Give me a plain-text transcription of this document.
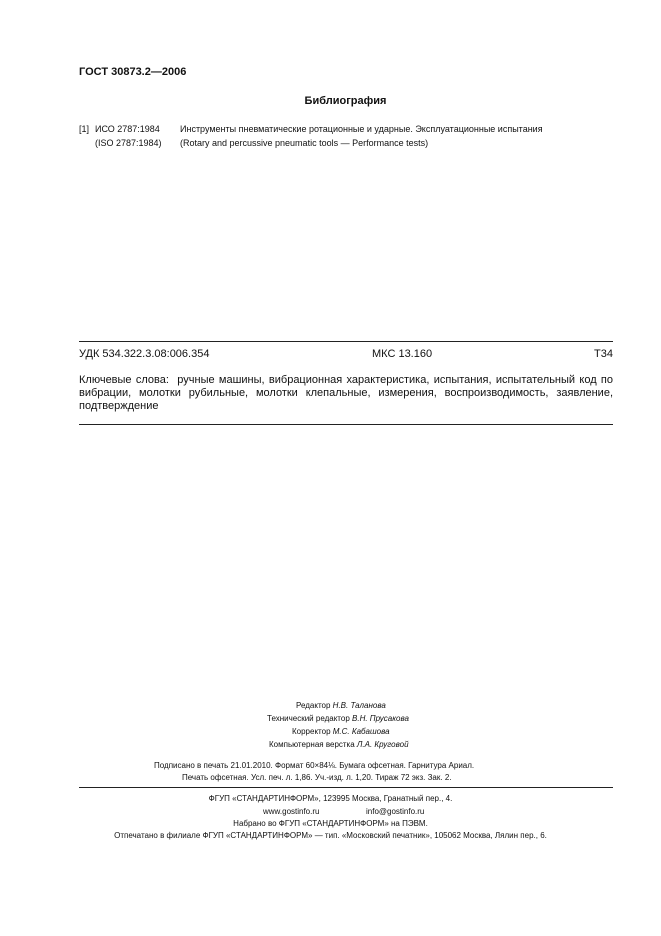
ГОСТ 30873.2—2006
Библиография
[1] ИСО 2787:1984 Инструменты пневматические ротационные и ударные. Эксплуатационные испытания
(ISO 2787:1984) (Rotary and percussive pneumatic tools — Performance tests)
УДК 534.322.3.08:006.354	МКС 13.160	Т34
Ключевые слова: ручные машины, вибрационная характеристика, испытания, испытательный код по вибрации, молотки рубильные, молотки клепальные, измерения, воспроизводимость, заявление, подтверждение
Редактор Н.В. Таланова
Технический редактор В.Н. Прусакова
Корректор М.С. Кабашова
Компьютерная верстка Л.А. Круговой
Подписано в печать 21.01.2010. Формат 60×84⅛. Бумага офсетная. Гарнитура Ариал.
Печать офсетная. Усл. печ. л. 1,86. Уч.-изд. л. 1,20. Тираж 72 экз. Зак. 2.
ФГУП «СТАНДАРТИНФОРМ», 123995 Москва, Гранатный пер., 4.
www.gostinfo.ru	info@gostinfo.ru
Набрано во ФГУП «СТАНДАРТИНФОРМ» на ПЭВМ.
Отпечатано в филиале ФГУП «СТАНДАРТИНФОРМ» — тип. «Московский печатник», 105062 Москва, Лялин пер., 6.
